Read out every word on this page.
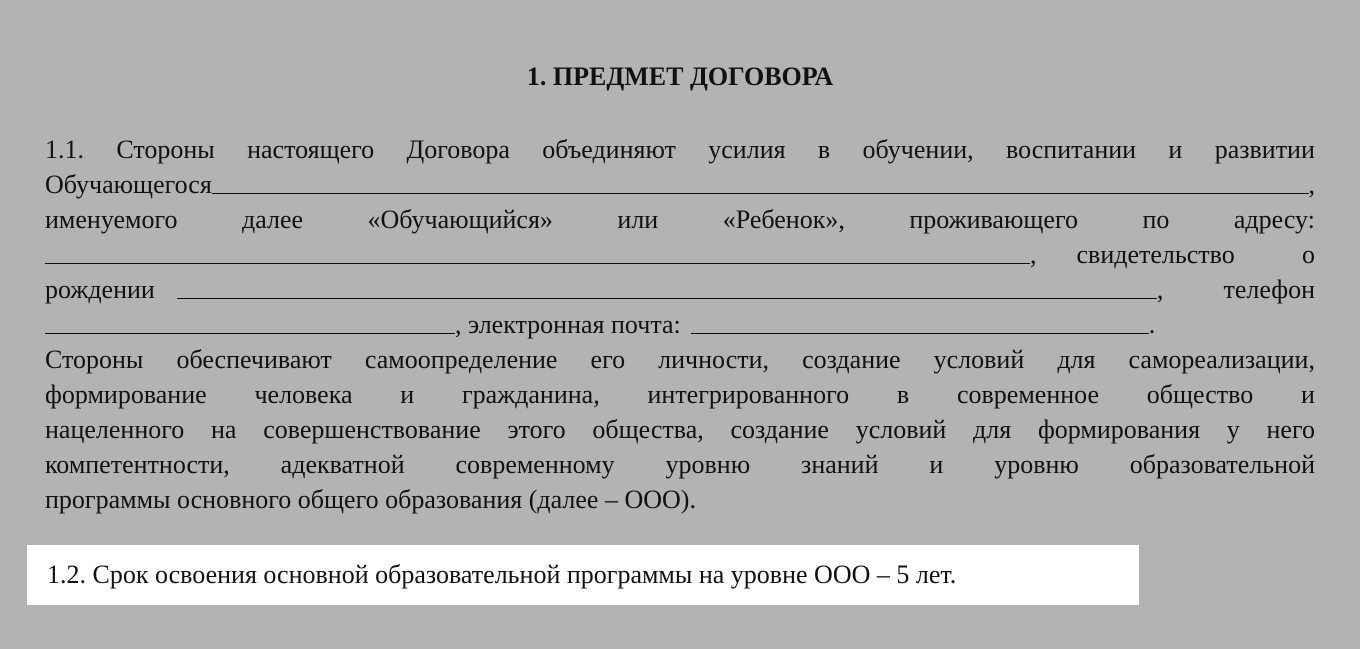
1. ПРЕДМЕТ ДОГОВОРА
1.1. Стороны настоящего Договора объединяют усилия в обучении, воспитании и развитии
Обучающегося	,
именуемого далее «Обучающийся» или «Ребенок», проживающего по адресу:
, свидетельство	о
рождении	, телефон
, электронная почта:	.
Стороны обеспечивают самоопределение его личности, создание условий для самореализации,
формирование человека и гражданина, интегрированного в современное общество и
нацеленного на совершенствование этого общества, создание условий для формирования у него
компетентности, адекватной современному уровню знаний и уровню образовательной
программы основного общего образования (далее – ООО).
1.2. Срок освоения основной образовательной программы на уровне ООО – 5 лет.
